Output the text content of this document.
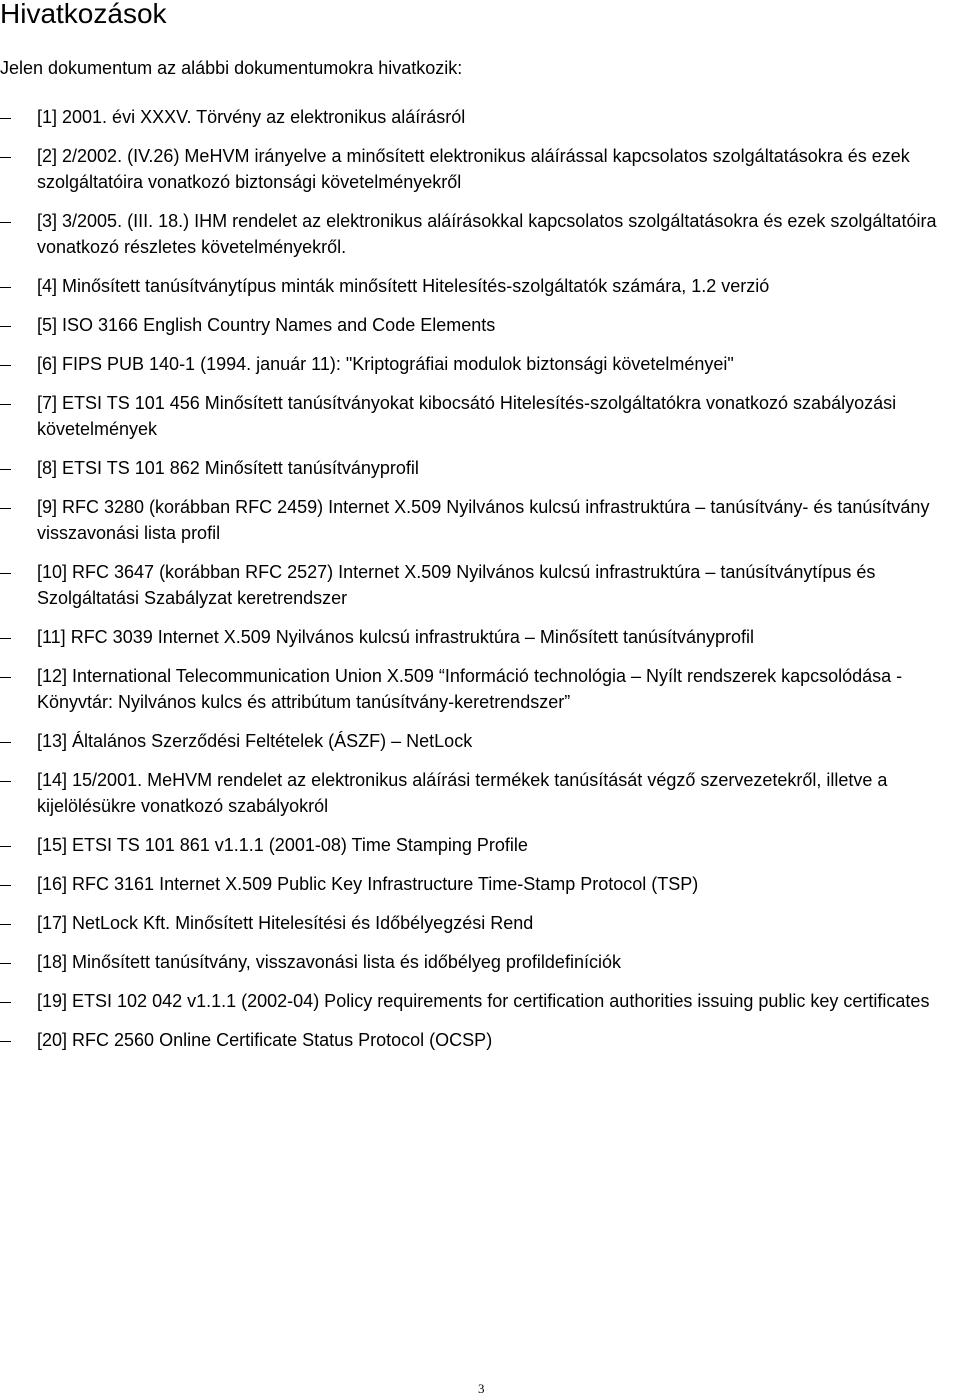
Hivatkozások

Jelen dokumentum az alábbi dokumentumokra hivatkozik:

[1] 2001. évi XXXV. Törvény az elektronikus aláírásról
[2] 2/2002. (IV.26) MeHVM irányelve a minősített elektronikus aláírással kapcsolatos szolgáltatásokra és ezek szolgáltatóira vonatkozó biztonsági követelményekről
[3] 3/2005. (III. 18.) IHM rendelet az elektronikus aláírásokkal kapcsolatos szolgáltatásokra és ezek szolgáltatóira vonatkozó részletes követelményekről.
[4] Minősített tanúsítványtípus minták minősített Hitelesítés-szolgáltatók számára, 1.2 verzió
[5] ISO 3166 English Country Names and Code Elements
[6] FIPS PUB 140-1 (1994. január 11): "Kriptográfiai modulok biztonsági követelményei"
[7] ETSI TS 101 456 Minősített tanúsítványokat kibocsátó Hitelesítés-szolgáltatókra vonatkozó szabályozási követelmények
[8] ETSI TS 101 862 Minősített tanúsítványprofil
[9] RFC 3280 (korábban RFC 2459) Internet X.509 Nyilvános kulcsú infrastruktúra – tanúsítvány- és tanúsítvány visszavonási lista profil
[10] RFC 3647 (korábban RFC 2527) Internet X.509 Nyilvános kulcsú infrastruktúra – tanúsítványtípus és Szolgáltatási Szabályzat keretrendszer
[11] RFC 3039 Internet X.509 Nyilvános kulcsú infrastruktúra – Minősített tanúsítványprofil
[12] International Telecommunication Union X.509 “Információ technológia – Nyílt rendszerek kapcsolódása - Könyvtár: Nyilvános kulcs és attribútum tanúsítvány-keretrendszer”
[13] Általános Szerződési Feltételek (ÁSZF) – NetLock
[14] 15/2001. MeHVM rendelet az elektronikus aláírási termékek tanúsítását végző szervezetekről, illetve a kijelölésükre vonatkozó szabályokról
[15] ETSI TS 101 861 v1.1.1 (2001-08) Time Stamping Profile
[16] RFC 3161 Internet X.509 Public Key Infrastructure Time-Stamp Protocol (TSP)
[17] NetLock Kft. Minősített Hitelesítési és Időbélyegzési Rend
[18] Minősített tanúsítvány, visszavonási lista és időbélyeg profildefiníciók
[19] ETSI 102 042 v1.1.1 (2002-04) Policy requirements for certification authorities issuing public key certificates
[20] RFC 2560 Online Certificate Status Protocol (OCSP)
3
